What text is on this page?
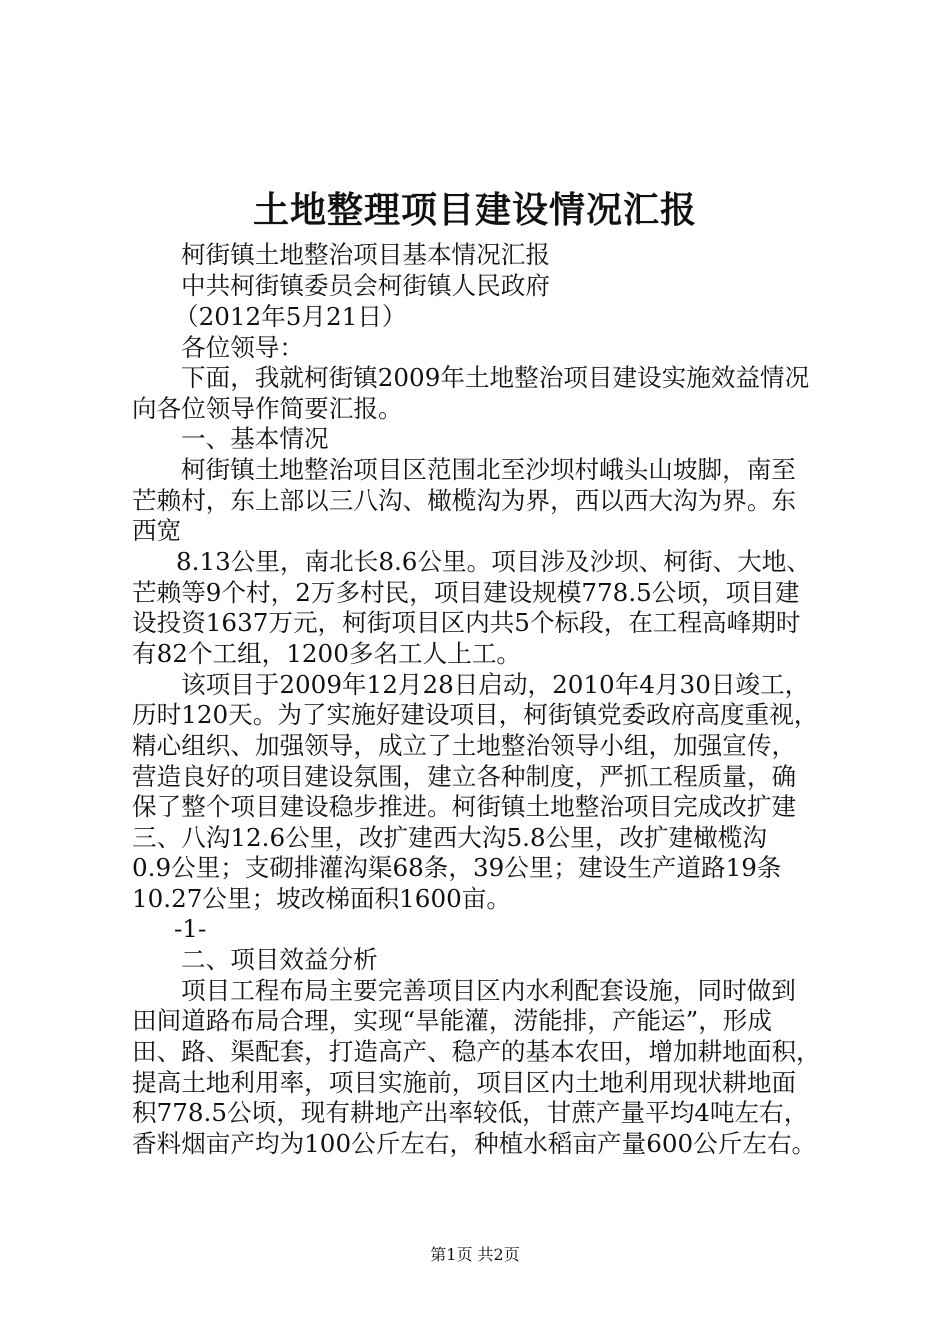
土地整理项目建设情况汇报
柯街镇土地整治项目基本情况汇报
中共柯街镇委员会柯街镇人民政府
（2012年5月21日）
各位领导：
下面，我就柯街镇2009年土地整治项目建设实施效益情况
向各位领导作简要汇报。
一、基本情况
柯街镇土地整治项目区范围北至沙坝村峨头山坡脚，南至
芒赖村，东上部以三八沟、橄榄沟为界，西以西大沟为界。东
西宽
8.13公里，南北长8.6公里。项目涉及沙坝、柯街、大地、
芒赖等9个村，2万多村民，项目建设规模778.5公顷，项目建
设投资1637万元，柯街项目区内共5个标段，在工程高峰期时
有82个工组，1200多名工人上工。
该项目于2009年12月28日启动，2010年4月30日竣工，
历时120天。为了实施好建设项目，柯街镇党委政府高度重视，
精心组织、加强领导，成立了土地整治领导小组，加强宣传，
营造良好的项目建设氛围，建立各种制度，严抓工程质量，确
保了整个项目建设稳步推进。柯街镇土地整治项目完成改扩建
三、八沟12.6公里，改扩建西大沟5.8公里，改扩建橄榄沟
0.9公里；支砌排灌沟渠68条，39公里；建设生产道路19条
10.27公里；坡改梯面积1600亩。
-1-
二、项目效益分析
项目工程布局主要完善项目区内水利配套设施，同时做到
田间道路布局合理，实现“旱能灌，涝能排，产能运”，形成
田、路、渠配套，打造高产、稳产的基本农田，增加耕地面积，
提高土地利用率，项目实施前，项目区内土地利用现状耕地面
积778.5公顷，现有耕地产出率较低，甘蔗产量平均4吨左右，
香料烟亩产均为100公斤左右，种植水稻亩产量600公斤左右。
第1页 共2页
